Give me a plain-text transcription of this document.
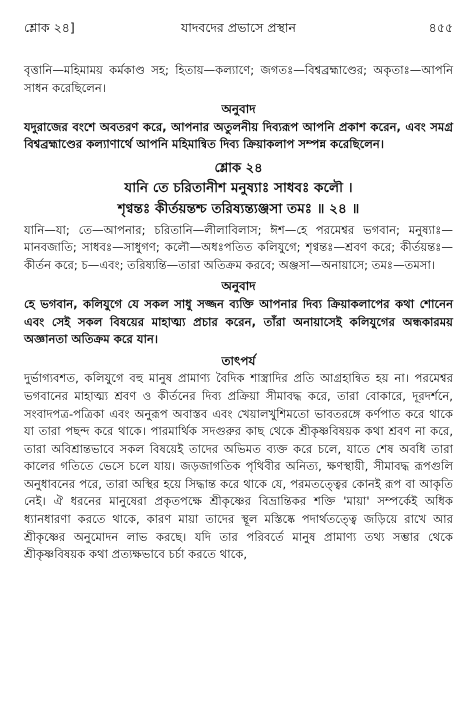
শ্লোক ২৪]	যাদবদের প্রভাসে প্রস্থান	৪৫৫

বৃত্তানি—মহিমাময় কর্মকাণ্ড সহ; হিতায়—কল্যাণে; জগতঃ—বিশ্বব্রহ্মাণ্ডের; অকৃতাঃ—আপনি সাধন করেছিলেন।

অনুবাদ

যদুরাজের বংশে অবতরণ করে, আপনার অতুলনীয় দিব্যরূপ আপনি প্রকাশ করেন, এবং সমগ্র বিশ্বব্রহ্মাণ্ডের কল্যাণার্থে আপনি মহিমান্বিত দিব্য ক্রিয়াকলাপ সম্পন্ন করেছিলেন।

শ্লোক ২৪

যানি তে চরিতানীশ মনুষ্যাঃ সাধবঃ কলৌ ।

শৃণ্বন্তঃ কীর্তয়ন্তশ্চ তরিষ্যন্ত্যঞ্জসা তমঃ ॥ ২৪ ॥

যানি—যা; তে—আপনার; চরিতানি—লীলাবিলাস; ঈশ—হে পরমেশ্বর ভগবান; মনুষ্যাঃ—মানবজাতি; সাধবঃ—সাধুগণ; কলৌ—অধঃপতিত কলিযুগে; শৃণ্বন্তঃ—শ্রবণ করে; কীর্তয়ন্তঃ—কীর্তন করে; চ—এবং; তরিষ্যন্তি—তারা অতিক্রম করবে; অঞ্জসা—অনায়াসে; তমঃ—তমসা।

অনুবাদ

হে ভগবান, কলিযুগে যে সকল সাধু সজ্জন ব্যক্তি আপনার দিব্য ক্রিয়াকলাপের কথা শোনেন এবং সেই সকল বিষয়ের মাহাত্ম্য প্রচার করেন, তাঁরা অনায়াসেই কলিযুগের অন্ধকারময় অজ্ঞানতা অতিক্রম করে যান।

তাৎপর্য

দুর্ভাগ্যবশত, কলিযুগে বহু মানুষ প্রামাণ্য বৈদিক শাস্ত্রাদির প্রতি আগ্রহান্বিত হয় না। পরমেশ্বর ভগবানের মাহাত্ম্য শ্রবণ ও কীর্তনের দিব্য প্রক্রিয়া সীমাবদ্ধ করে, তারা বোকারে, দূরদর্শনে, সংবাদপত্র-পত্রিকা এবং অনুরূপ অবাস্তব এবং খেয়ালখুশিমতো ভাবতরঙ্গে কর্ণপাত করে থাকে যা তারা পছন্দ করে থাকে। পারমার্থিক সদগুরুর কাছ থেকে শ্রীকৃষ্ণবিষয়ক কথা শ্রবণ না করে, তারা অবিশ্রান্তভাবে সকল বিষয়েই তাদের অভিমত ব্যক্ত করে চলে, যাতে শেষ অবধি তারা কালের গতিতে ভেসে চলে যায়। জড়জাগতিক পৃথিবীর অনিত্য, ক্ষণস্থায়ী, সীমাবদ্ধ রূপগুলি অনুধাবনের পরে, তারা অস্থির হয়ে সিদ্ধান্ত করে থাকে যে, পরমতত্ত্বের কোনই রূপ বা আকৃতি নেই। ঐ ধরনের মানুষেরা প্রকৃতপক্ষে শ্রীকৃষ্ণের বিভ্রান্তিকর শক্তি 'মায়া' সম্পর্কেই অধিক ধ্যানধারণা করতে থাকে, কারণ মায়া তাদের স্থূল মস্তিষ্কে পদার্থতত্ত্বে জড়িয়ে রাখে আর শ্রীকৃষ্ণের অনুমোদন লাভ করছে। যদি তার পরিবর্তে মানুষ প্রামাণ্য তথ্য সম্ভার থেকে শ্রীকৃষ্ণবিষয়ক কথা প্রত্যক্ষভাবে চর্চা করতে থাকে,
